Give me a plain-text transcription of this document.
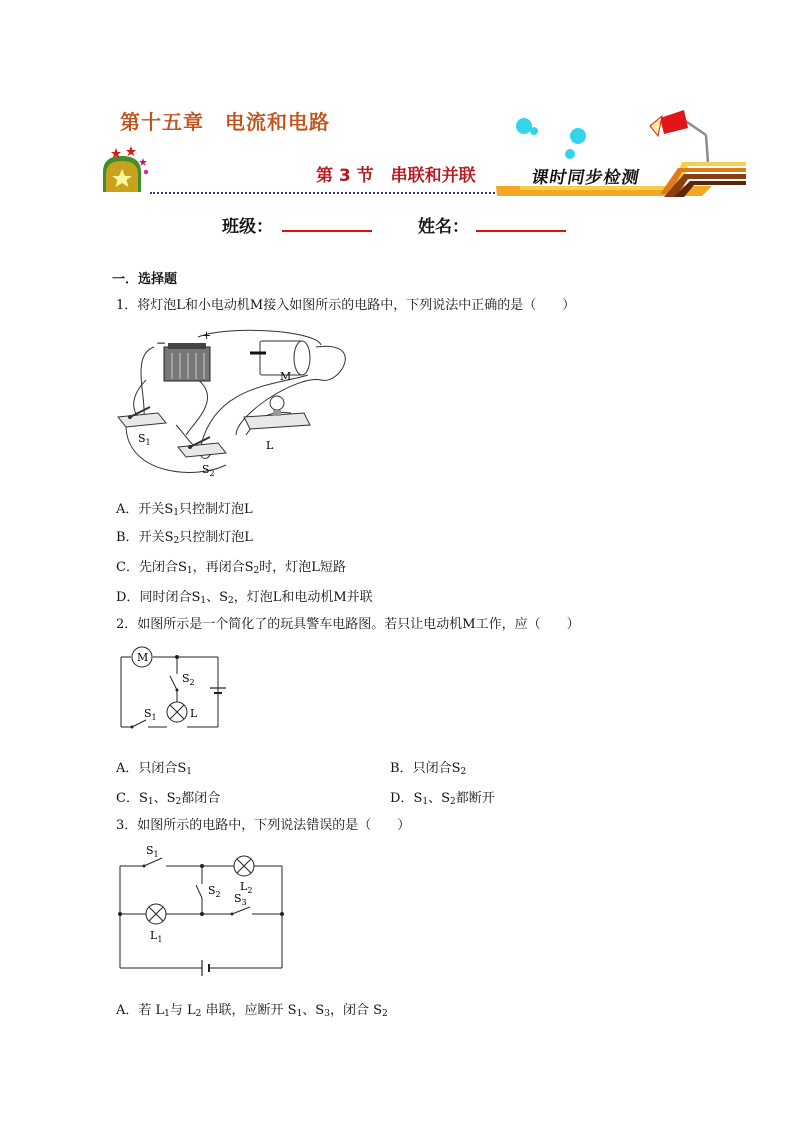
第十五章　电流和电路
第 3 节　串联和并联	课时同步检测
班级：	姓名：
一．选择题
1．将灯泡L和小电动机M接入如图所示的电路中，下列说法中正确的是（　　）
−
+
M
$S_1$
$S_2$
L
A．开关$S_1$只控制灯泡L
B．开关$S_2$只控制灯泡L
C．先闭合$S_1$，再闭合$S_2$时，灯泡L短路
D．同时闭合$S_1$、$S_2$，灯泡L和电动机M并联
2．如图所示是一个简化了的玩具警车电路图。若只让电动机M工作，应（　　）
M
$S_2$
$S_1$	L
A．只闭合$S_1$	B．只闭合$S_2$
C．$S_1$、$S_2$都闭合	D．$S_1$、$S_2$都断开
3．如图所示的电路中，下列说法错误的是（　　）
$S_1$
$S_2$ $S_3$
$L_2$
$L_1$
A．若 $L_1$与 $L_2$ 串联，应断开 $S_1$、$S_3$，闭合 $S_2$
